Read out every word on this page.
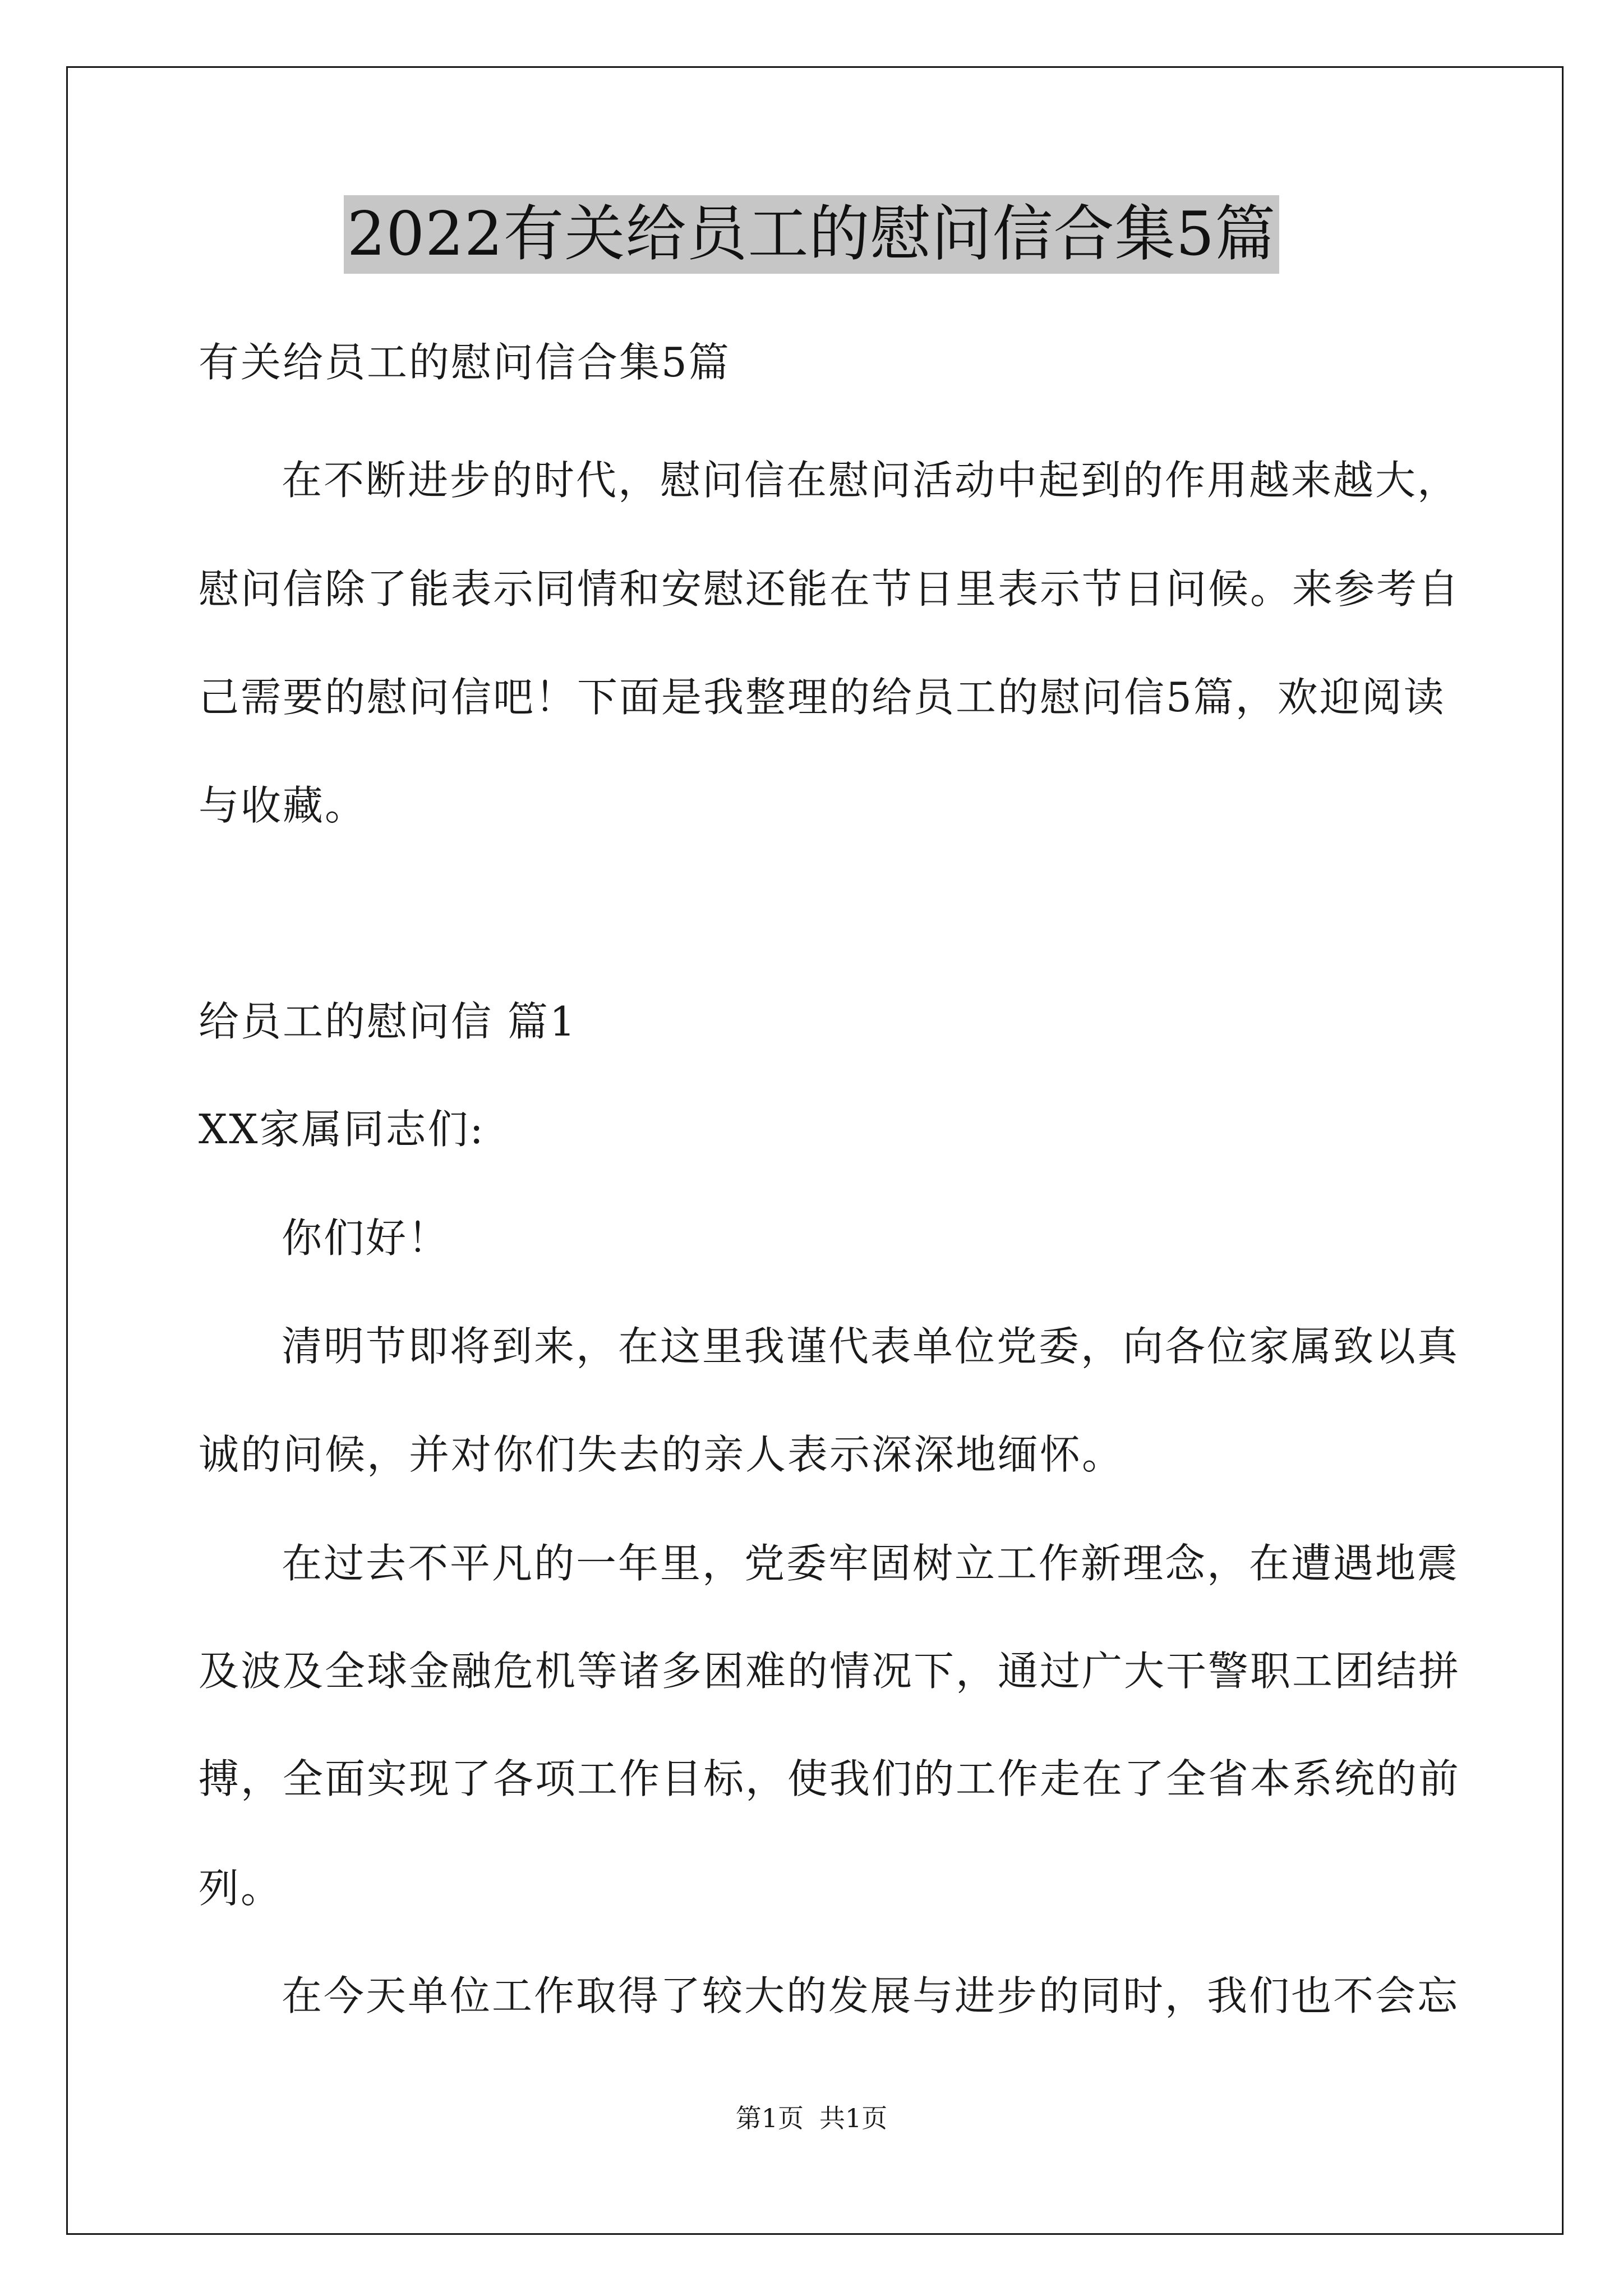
2022有关给员工的慰问信合集5篇
有关给员工的慰问信合集5篇
在不断进步的时代，慰问信在慰问活动中起到的作用越来越大，
慰问信除了能表示同情和安慰还能在节日里表示节日问候。来参考自
己需要的慰问信吧！下面是我整理的给员工的慰问信5篇，欢迎阅读
与收藏。
给员工的慰问信 篇1
XX家属同志们:
你们好！
清明节即将到来，在这里我谨代表单位党委，向各位家属致以真
诚的问候，并对你们失去的亲人表示深深地缅怀。
在过去不平凡的一年里，党委牢固树立工作新理念，在遭遇地震
及波及全球金融危机等诸多困难的情况下，通过广大干警职工团结拼
搏，全面实现了各项工作目标，使我们的工作走在了全省本系统的前
列。
在今天单位工作取得了较大的发展与进步的同时，我们也不会忘
第1页 共1页
